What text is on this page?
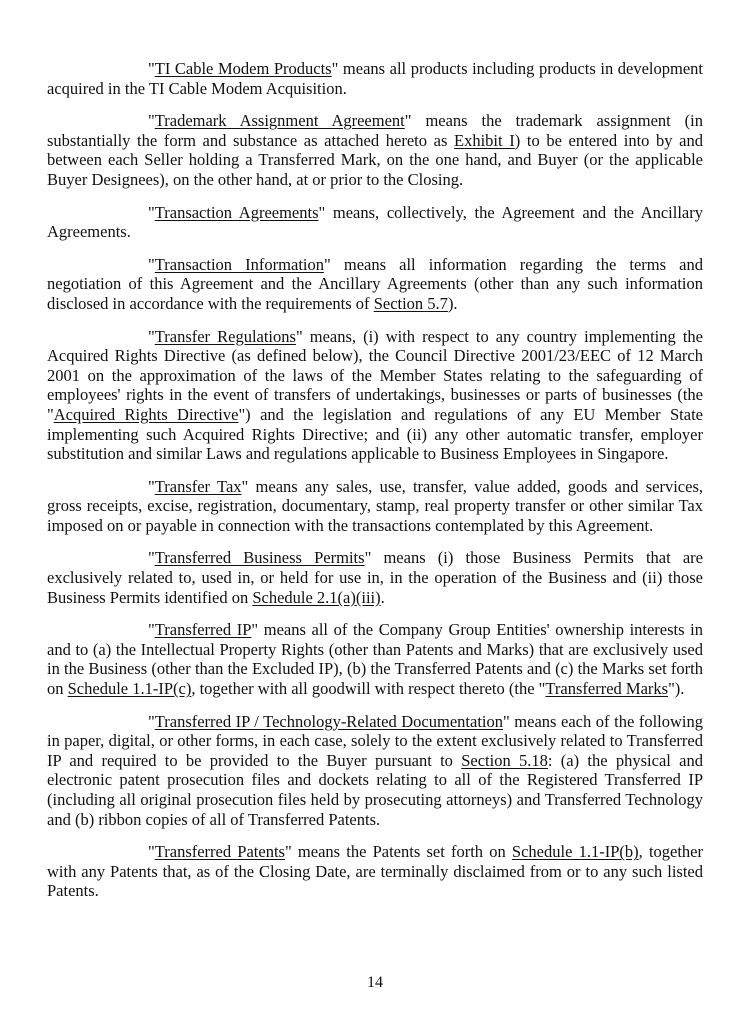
"TI Cable Modem Products" means all products including products in development acquired in the TI Cable Modem Acquisition.

"Trademark Assignment Agreement" means the trademark assignment (in substantially the form and substance as attached hereto as Exhibit I) to be entered into by and between each Seller holding a Transferred Mark, on the one hand, and Buyer (or the applicable Buyer Designees), on the other hand, at or prior to the Closing.

"Transaction Agreements" means, collectively, the Agreement and the Ancillary Agreements.

"Transaction Information" means all information regarding the terms and negotiation of this Agreement and the Ancillary Agreements (other than any such information disclosed in accordance with the requirements of Section 5.7).

"Transfer Regulations" means, (i) with respect to any country implementing the Acquired Rights Directive (as defined below), the Council Directive 2001/23/EEC of 12 March 2001 on the approximation of the laws of the Member States relating to the safeguarding of employees' rights in the event of transfers of undertakings, businesses or parts of businesses (the "Acquired Rights Directive") and the legislation and regulations of any EU Member State implementing such Acquired Rights Directive; and (ii) any other automatic transfer, employer substitution and similar Laws and regulations applicable to Business Employees in Singapore.

"Transfer Tax" means any sales, use, transfer, value added, goods and services, gross receipts, excise, registration, documentary, stamp, real property transfer or other similar Tax imposed on or payable in connection with the transactions contemplated by this Agreement.

"Transferred Business Permits" means (i) those Business Permits that are exclusively related to, used in, or held for use in, in the operation of the Business and (ii) those Business Permits identified on Schedule 2.1(a)(iii).

"Transferred IP" means all of the Company Group Entities' ownership interests in and to (a) the Intellectual Property Rights (other than Patents and Marks) that are exclusively used in the Business (other than the Excluded IP), (b) the Transferred Patents and (c) the Marks set forth on Schedule 1.1-IP(c), together with all goodwill with respect thereto (the "Transferred Marks").

"Transferred IP / Technology-Related Documentation" means each of the following in paper, digital, or other forms, in each case, solely to the extent exclusively related to Transferred IP and required to be provided to the Buyer pursuant to Section 5.18: (a) the physical and electronic patent prosecution files and dockets relating to all of the Registered Transferred IP (including all original prosecution files held by prosecuting attorneys) and Transferred Technology and (b) ribbon copies of all of Transferred Patents.

"Transferred Patents" means the Patents set forth on Schedule 1.1-IP(b), together with any Patents that, as of the Closing Date, are terminally disclaimed from or to any such listed Patents.

14
